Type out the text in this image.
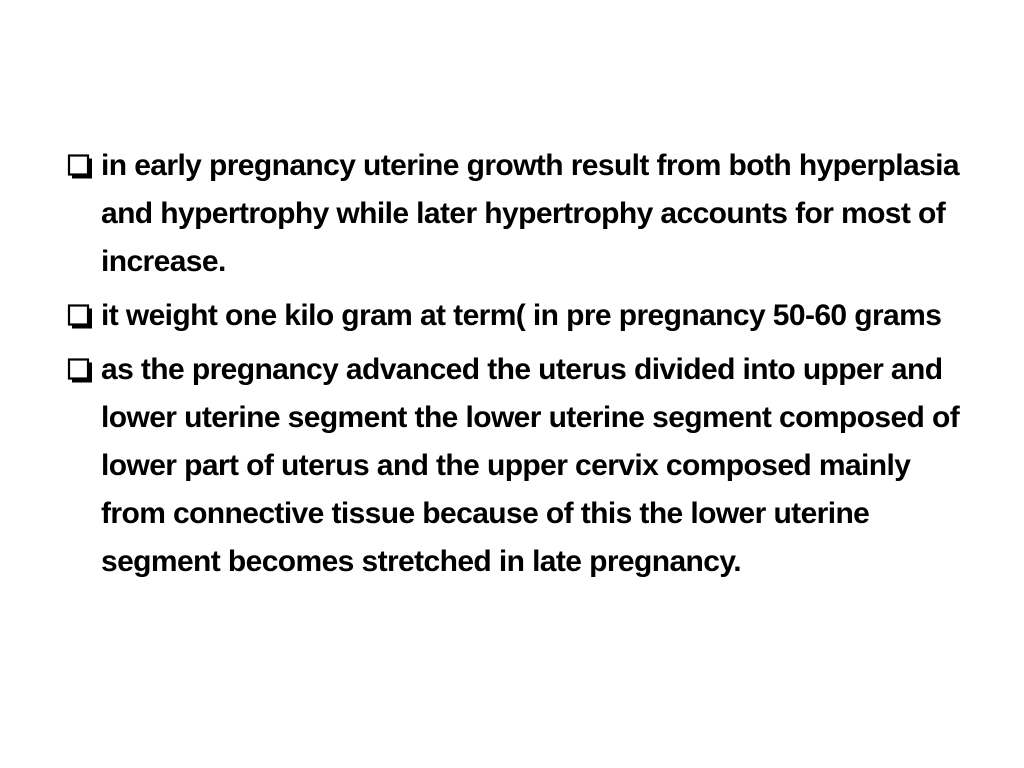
in early pregnancy uterine growth result from both hyperplasia and hypertrophy while later hypertrophy accounts for most of increase.
it weight one kilo gram at term( in pre pregnancy 50-60 grams
as the pregnancy advanced the uterus divided into upper and lower uterine segment the lower uterine segment composed of lower part of uterus and the upper cervix composed mainly from connective tissue because of this the lower uterine segment becomes stretched in late pregnancy.
